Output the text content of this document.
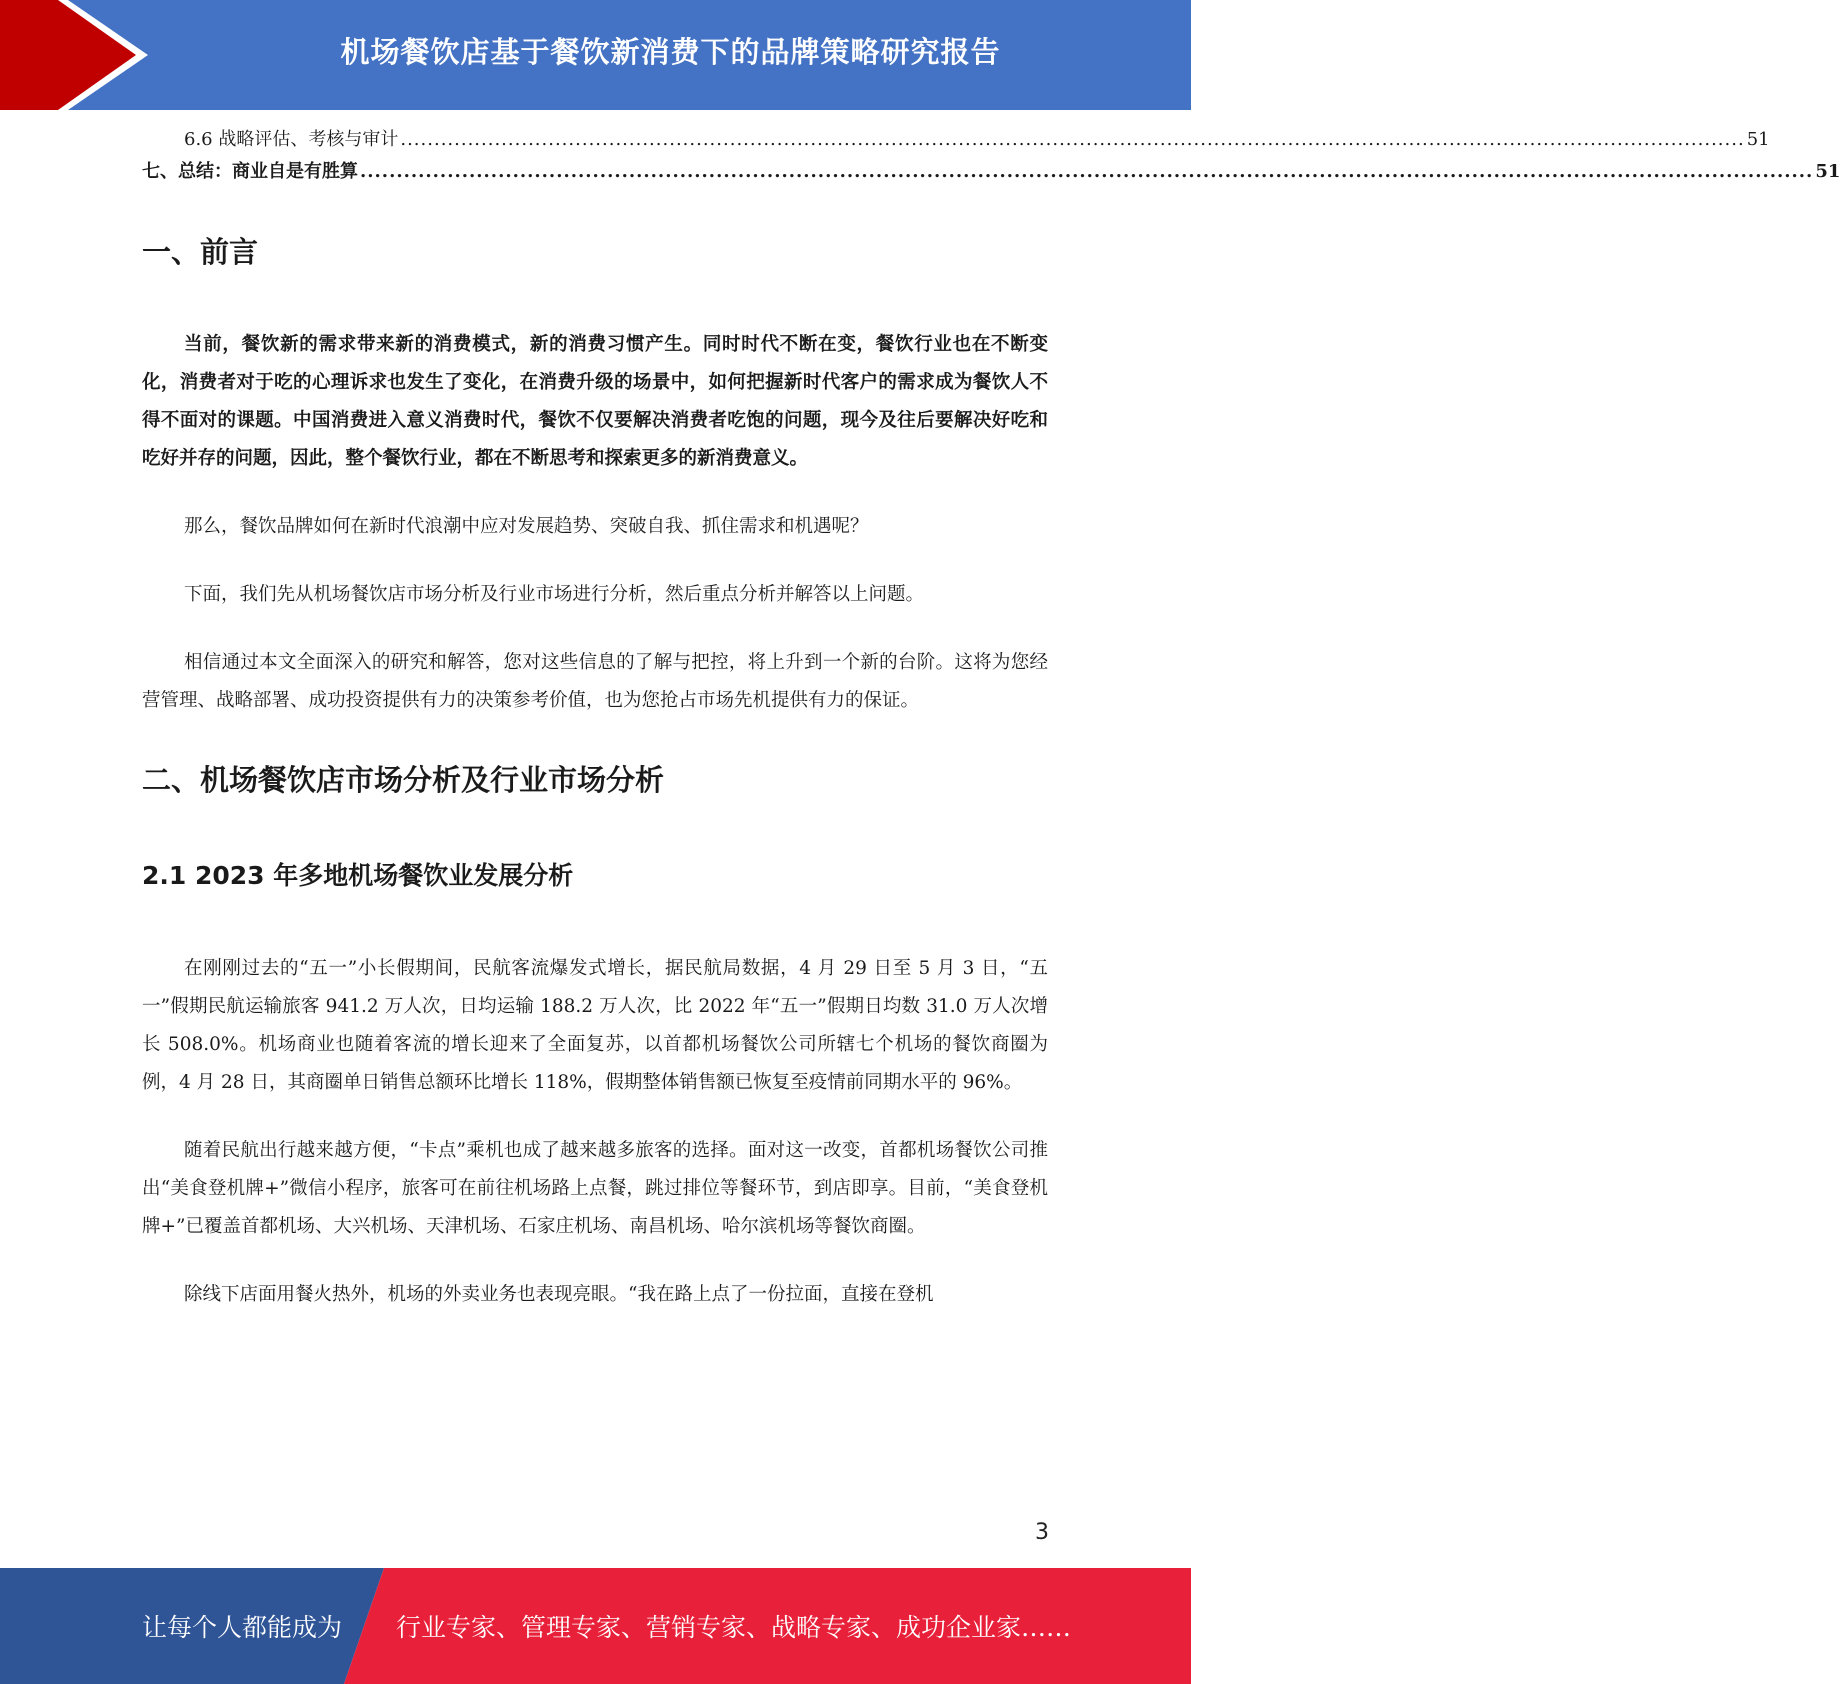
机场餐饮店基于餐饮新消费下的品牌策略研究报告
6.6 战略评估、考核与审计 ........................................................................................................................................................................................................ 51
七、总结：商业自是有胜算 ........................................................................................................................................................................................................ 51
一、前言

当前，餐饮新的需求带来新的消费模式，新的消费习惯产生。同时时代不断在变，餐饮行业也在不断变化，消费者对于吃的心理诉求也发生了变化，在消费升级的场景中，如何把握新时代客户的需求成为餐饮人不得不面对的课题。中国消费进入意义消费时代，餐饮不仅要解决消费者吃饱的问题，现今及往后要解决好吃和吃好并存的问题，因此，整个餐饮行业，都在不断思考和探索更多的新消费意义。

那么，餐饮品牌如何在新时代浪潮中应对发展趋势、突破自我、抓住需求和机遇呢？

下面，我们先从机场餐饮店市场分析及行业市场进行分析，然后重点分析并解答以上问题。

相信通过本文全面深入的研究和解答，您对这些信息的了解与把控，将上升到一个新的台阶。这将为您经营管理、战略部署、成功投资提供有力的决策参考价值，也为您抢占市场先机提供有力的保证。

二、机场餐饮店市场分析及行业市场分析
2.1 2023 年多地机场餐饮业发展分析

在刚刚过去的“五一”小长假期间，民航客流爆发式增长，据民航局数据，4 月 29 日至 5 月 3 日，“五一”假期民航运输旅客 941.2 万人次，日均运输 188.2 万人次，比 2022 年“五一”假期日均数 31.0 万人次增长 508.0%。机场商业也随着客流的增长迎来了全面复苏，以首都机场餐饮公司所辖七个机场的餐饮商圈为例，4 月 28 日，其商圈单日销售总额环比增长 118%，假期整体销售额已恢复至疫情前同期水平的 96%。

随着民航出行越来越方便，“卡点”乘机也成了越来越多旅客的选择。面对这一改变，首都机场餐饮公司推出“美食登机牌+”微信小程序，旅客可在前往机场路上点餐，跳过排位等餐环节，到店即享。目前，“美食登机牌+”已覆盖首都机场、大兴机场、天津机场、石家庄机场、南昌机场、哈尔滨机场等餐饮商圈。

除线下店面用餐火热外，机场的外卖业务也表现亮眼。“我在路上点了一份拉面，直接在登机

3
让每个人都能成为 行业专家、管理专家、营销专家、战略专家、成功企业家……
